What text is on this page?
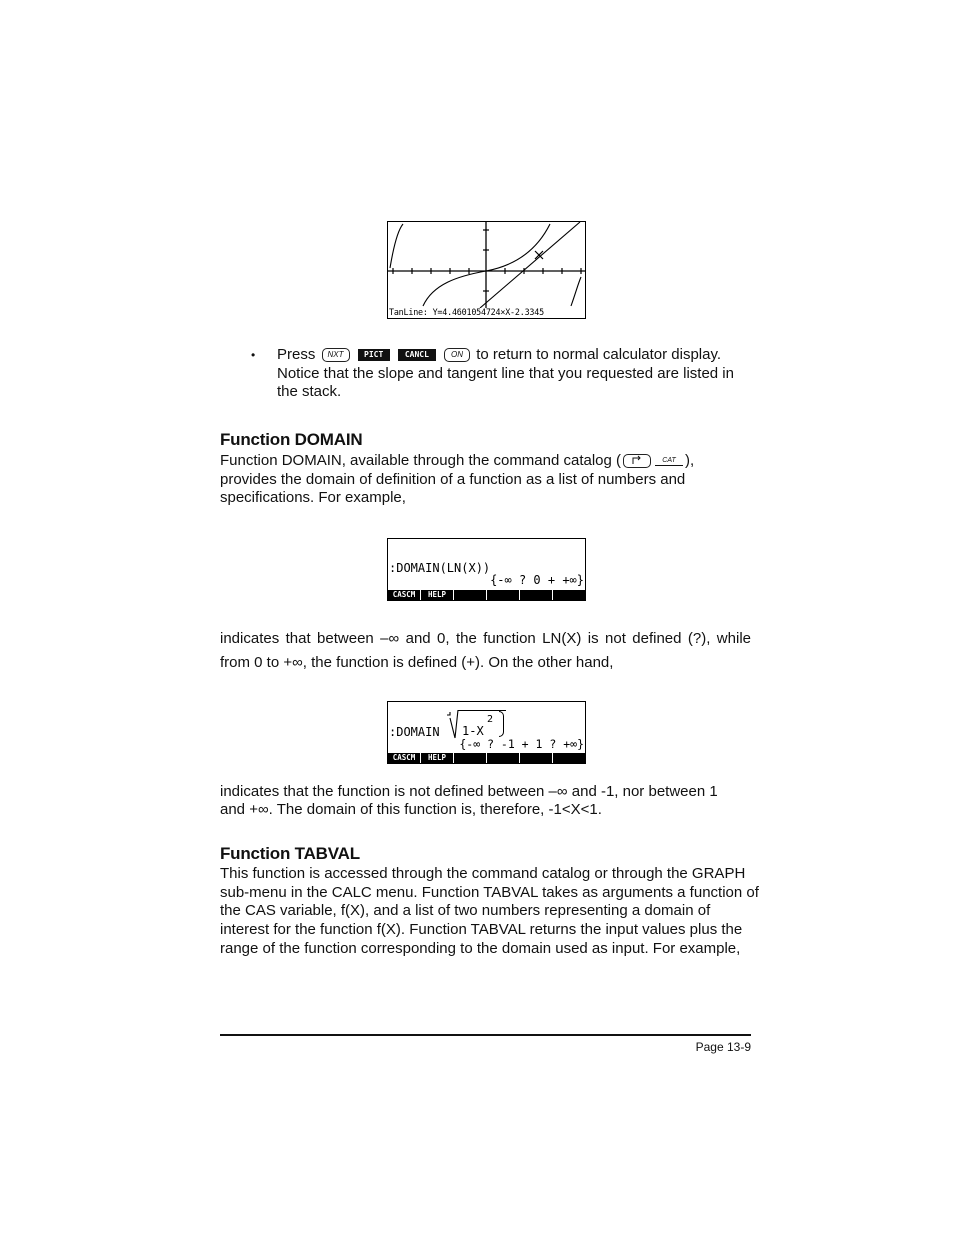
TanLine: Y=4.4601054724×X-2.3345
• Press NXT	PICT	CANCL	ON to return to normal calculator display.
Notice that the slope and tangent line that you requested are listed in
the stack.
Function DOMAIN
Function DOMAIN, available through the command catalog (	CAT ),
provides the domain of definition of a function as a list of numbers and
specifications. For example,
:DOMAIN(LN(X))
{-∞ ? 0 + +∞}
CASCM	HELP
indicates that between –∞ and 0, the function LN(X) is not defined (?), while
from 0 to +∞, the function is defined (+). On the other hand,
:DOMAIN 1-X
2
{-∞ ? -1 + 1 ? +∞}
CASCM	HELP
indicates that the function is not defined between –∞ and -1, nor between 1
and +∞. The domain of this function is, therefore, -1<X<1.
Function TABVAL
This function is accessed through the command catalog or through the GRAPH
sub-menu in the CALC menu. Function TABVAL takes as arguments a function of
the CAS variable, f(X), and a list of two numbers representing a domain of
interest for the function f(X). Function TABVAL returns the input values plus the
range of the function corresponding to the domain used as input. For example,
Page 13-9
